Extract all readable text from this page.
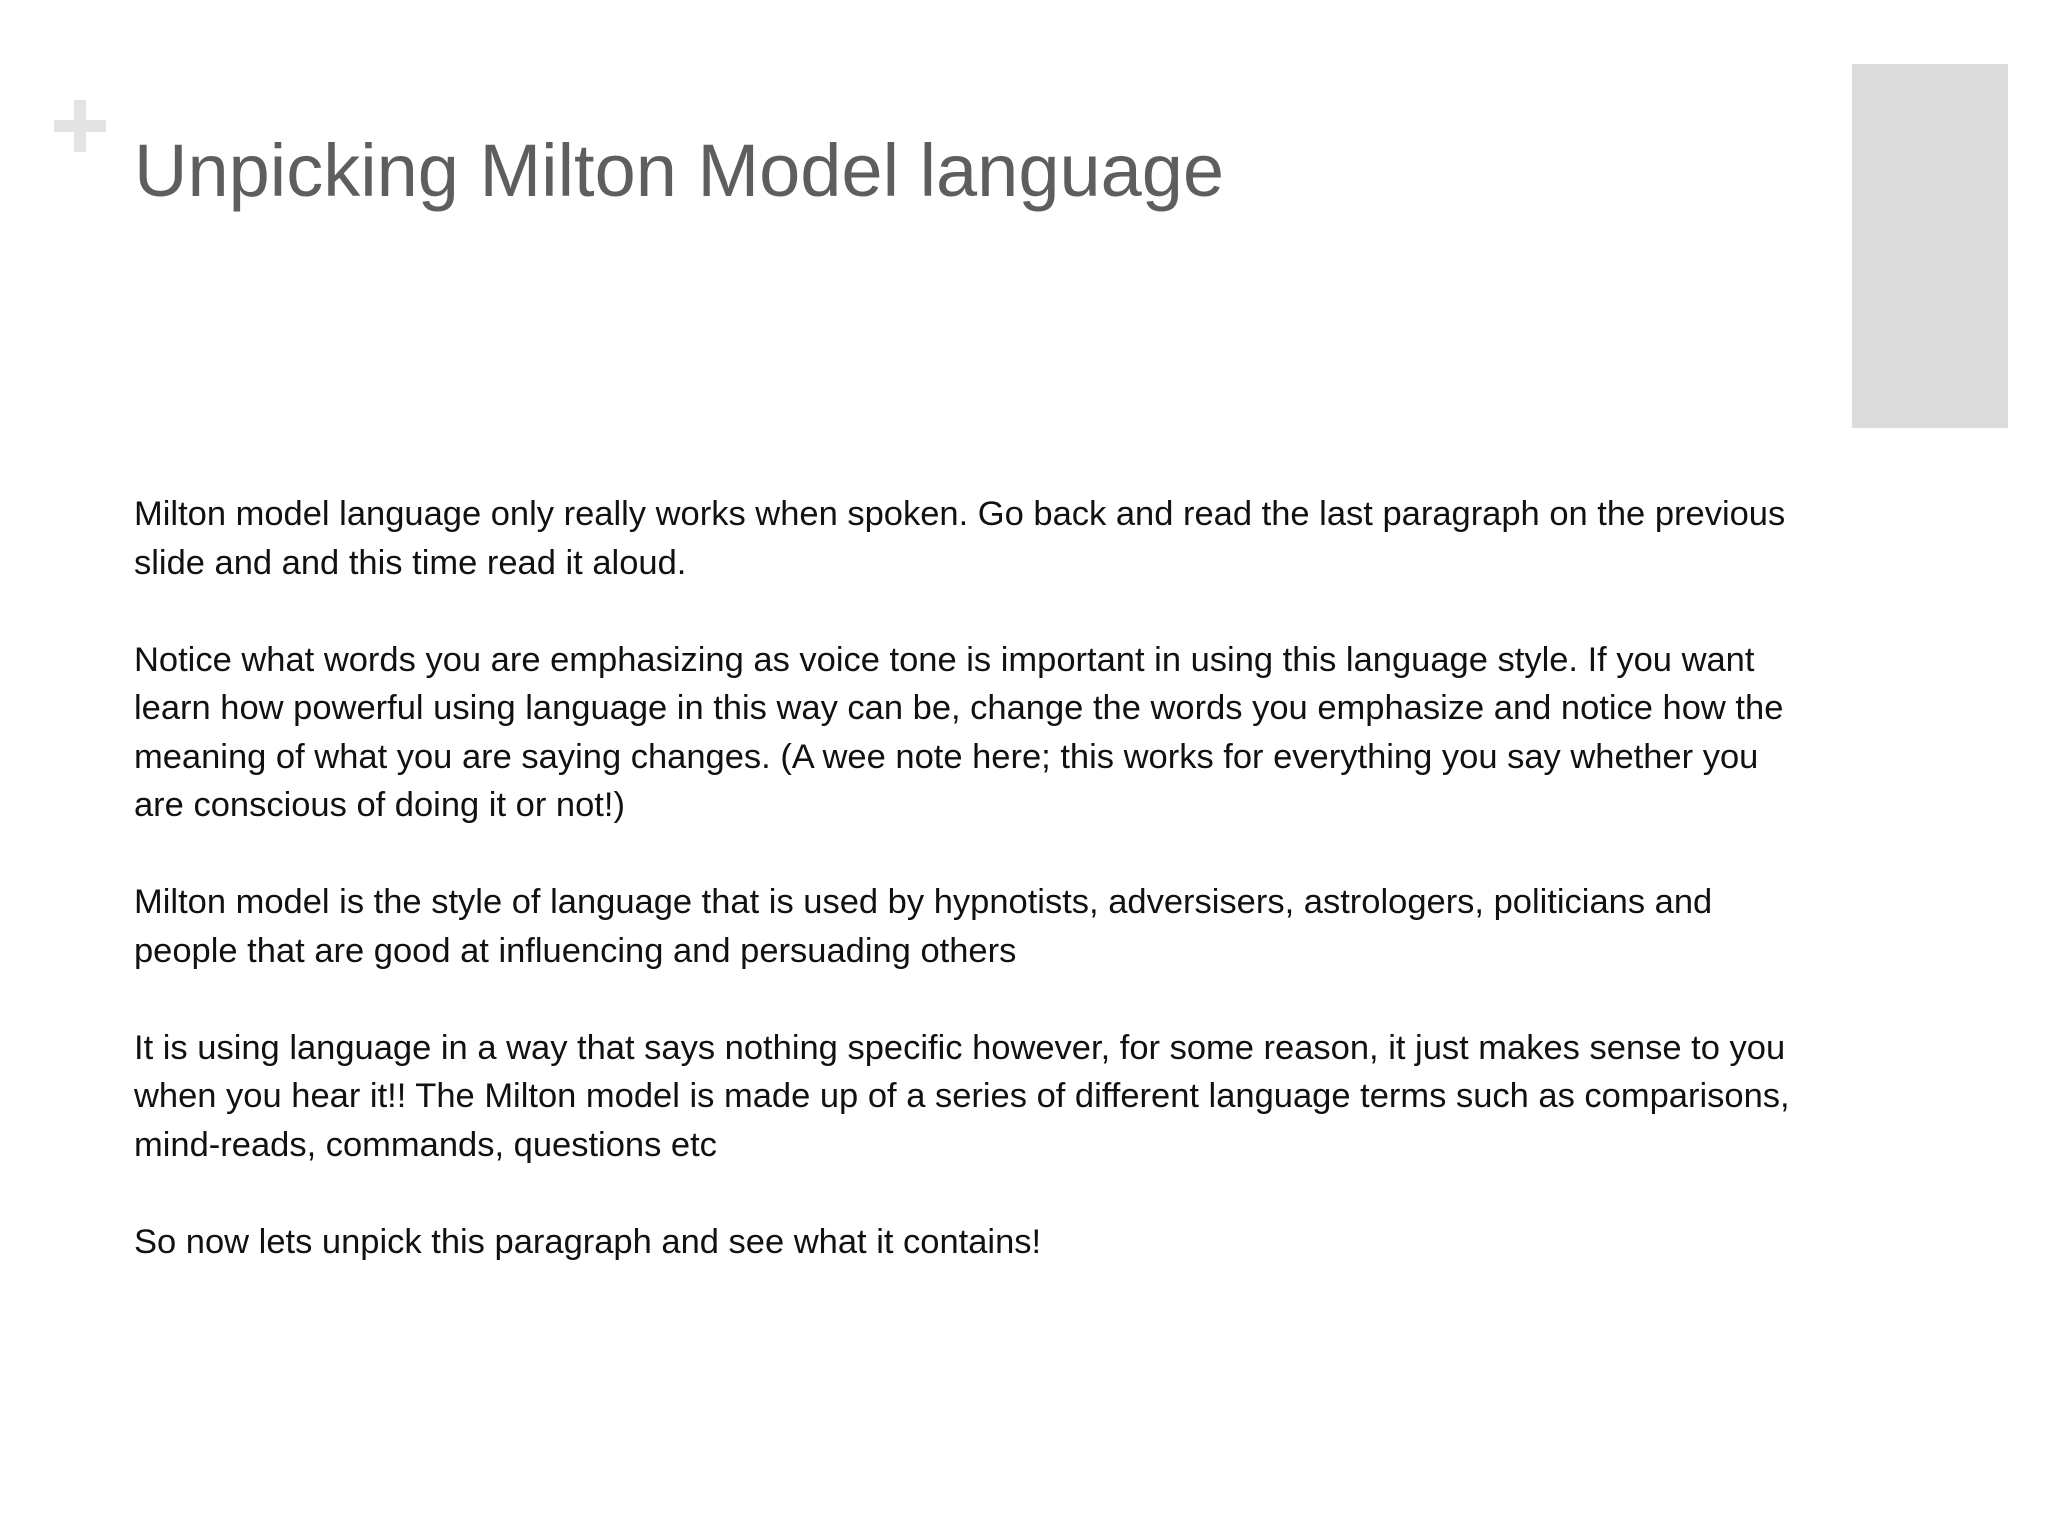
Unpicking Milton Model language

Milton model language only really works when spoken. Go back and read the last paragraph on the previous slide and and this time read it aloud.

Notice what words you are emphasizing as voice tone is important in using this language style. If you want learn how powerful using language in this way can be, change the words you emphasize and notice how the meaning of what you are saying changes. (A wee note here; this works for everything you say whether you are conscious of doing it or not!)

Milton model is the style of language that is used by hypnotists, adversisers, astrologers, politicians and people that are good at influencing and persuading others

It is using language in a way that says nothing specific however, for some reason, it just makes sense to you when you hear it!! The Milton model is made up of a series of different language terms such as comparisons, mind-reads, commands, questions etc

So now lets unpick this paragraph and see what it contains!
